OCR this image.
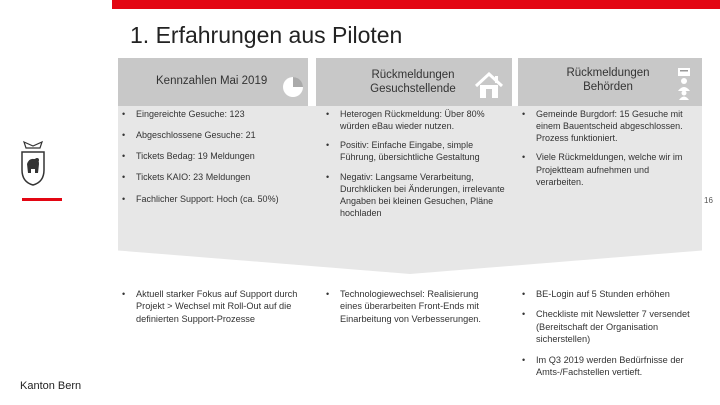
1. Erfahrungen aus Piloten
Kanton Bern
Kennzahlen Mai 2019	Rückmeldungen Gesuchstellende
Rückmeldungen Behörden
• Eingereichte Gesuche: 123
• Abgeschlossene Gesuche: 21
• Tickets Bedag: 19 Meldungen
• Tickets KAIO: 23 Meldungen
• Fachlicher Support: Hoch (ca. 50%)
• Heterogen Rückmeldung: Über 80% würden eBau wieder nutzen.
• Positiv: Einfache Eingabe, simple Führung, übersichtliche Gestaltung
• Negativ: Langsame Verarbeitung, Durchklicken bei Änderungen, irrelevante Angaben bei kleinen Gesuchen, Pläne hochladen
• Gemeinde Burgdorf: 15 Gesuche mit einem Bauentscheid abgeschlossen. Prozess funktioniert.
• Viele Rückmeldungen, welche wir im Projektteam aufnehmen und verarbeiten.
16
• Aktuell starker Fokus auf Support durch Projekt > Wechsel mit Roll-Out auf die definierten Support-Prozesse
• Technologiewechsel: Realisierung eines überarbeiten Front-Ends mit Einarbeitung von Verbesserungen.
• BE-Login auf 5 Stunden erhöhen
• Checkliste mit Newsletter 7 versendet (Bereitschaft der Organisation sicherstellen)
• Im Q3 2019 werden Bedürfnisse der Amts-/Fachstellen vertieft.
